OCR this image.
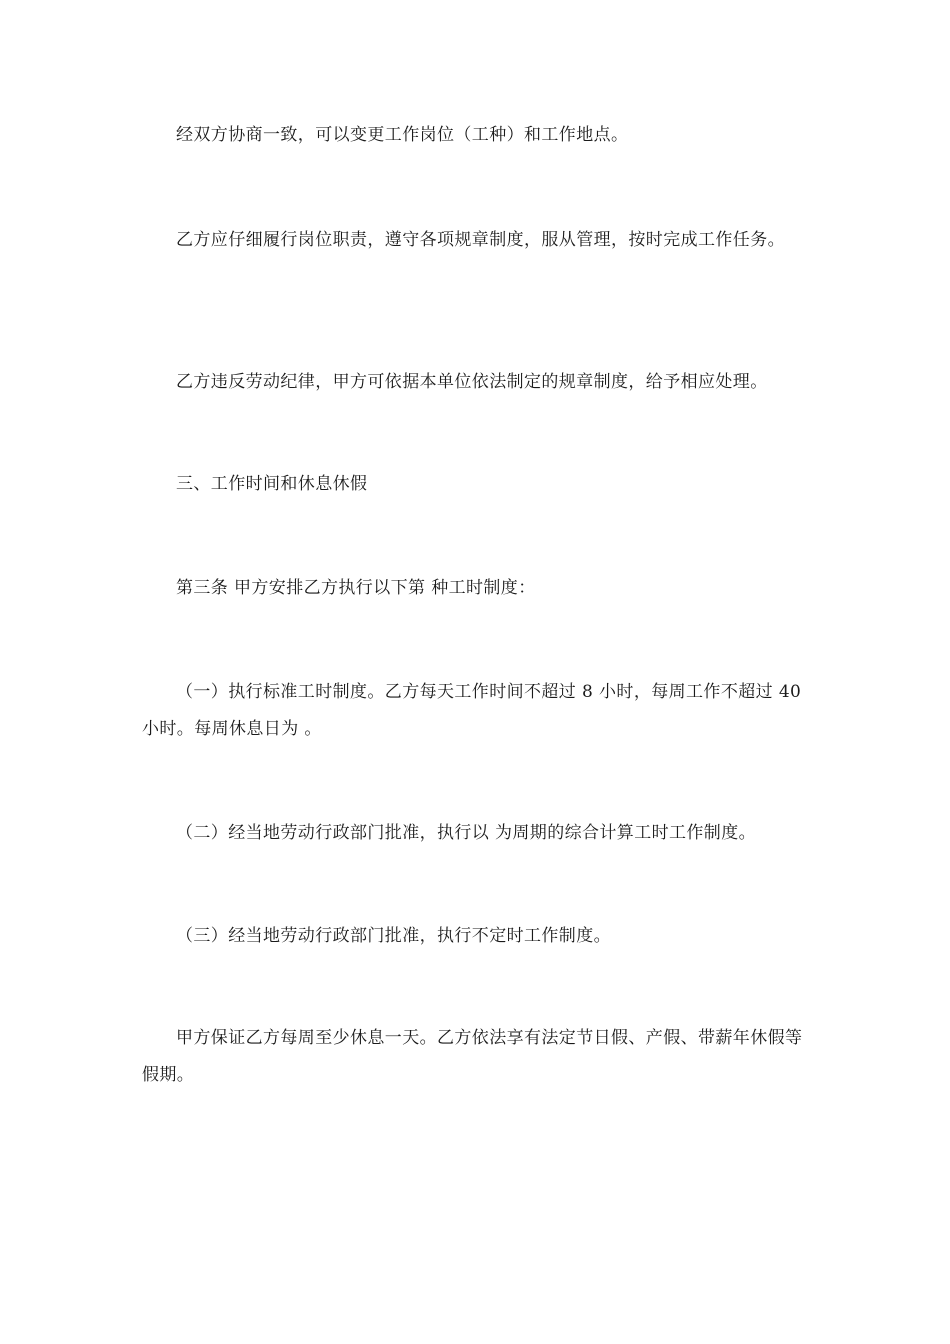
经双方协商一致，可以变更工作岗位（工种）和工作地点。

乙方应仔细履行岗位职责，遵守各项规章制度，服从管理，按时完成工作任务。

乙方违反劳动纪律，甲方可依据本单位依法制定的规章制度，给予相应处理。

三、工作时间和休息休假

第三条 甲方安排乙方执行以下第 种工时制度：

（一）执行标准工时制度。乙方每天工作时间不超过 8 小时，每周工作不超过 40 小时。每周休息日为 。

（二）经当地劳动行政部门批准，执行以 为周期的综合计算工时工作制度。

（三）经当地劳动行政部门批准，执行不定时工作制度。

甲方保证乙方每周至少休息一天。乙方依法享有法定节日假、产假、带薪年休假等假期。
